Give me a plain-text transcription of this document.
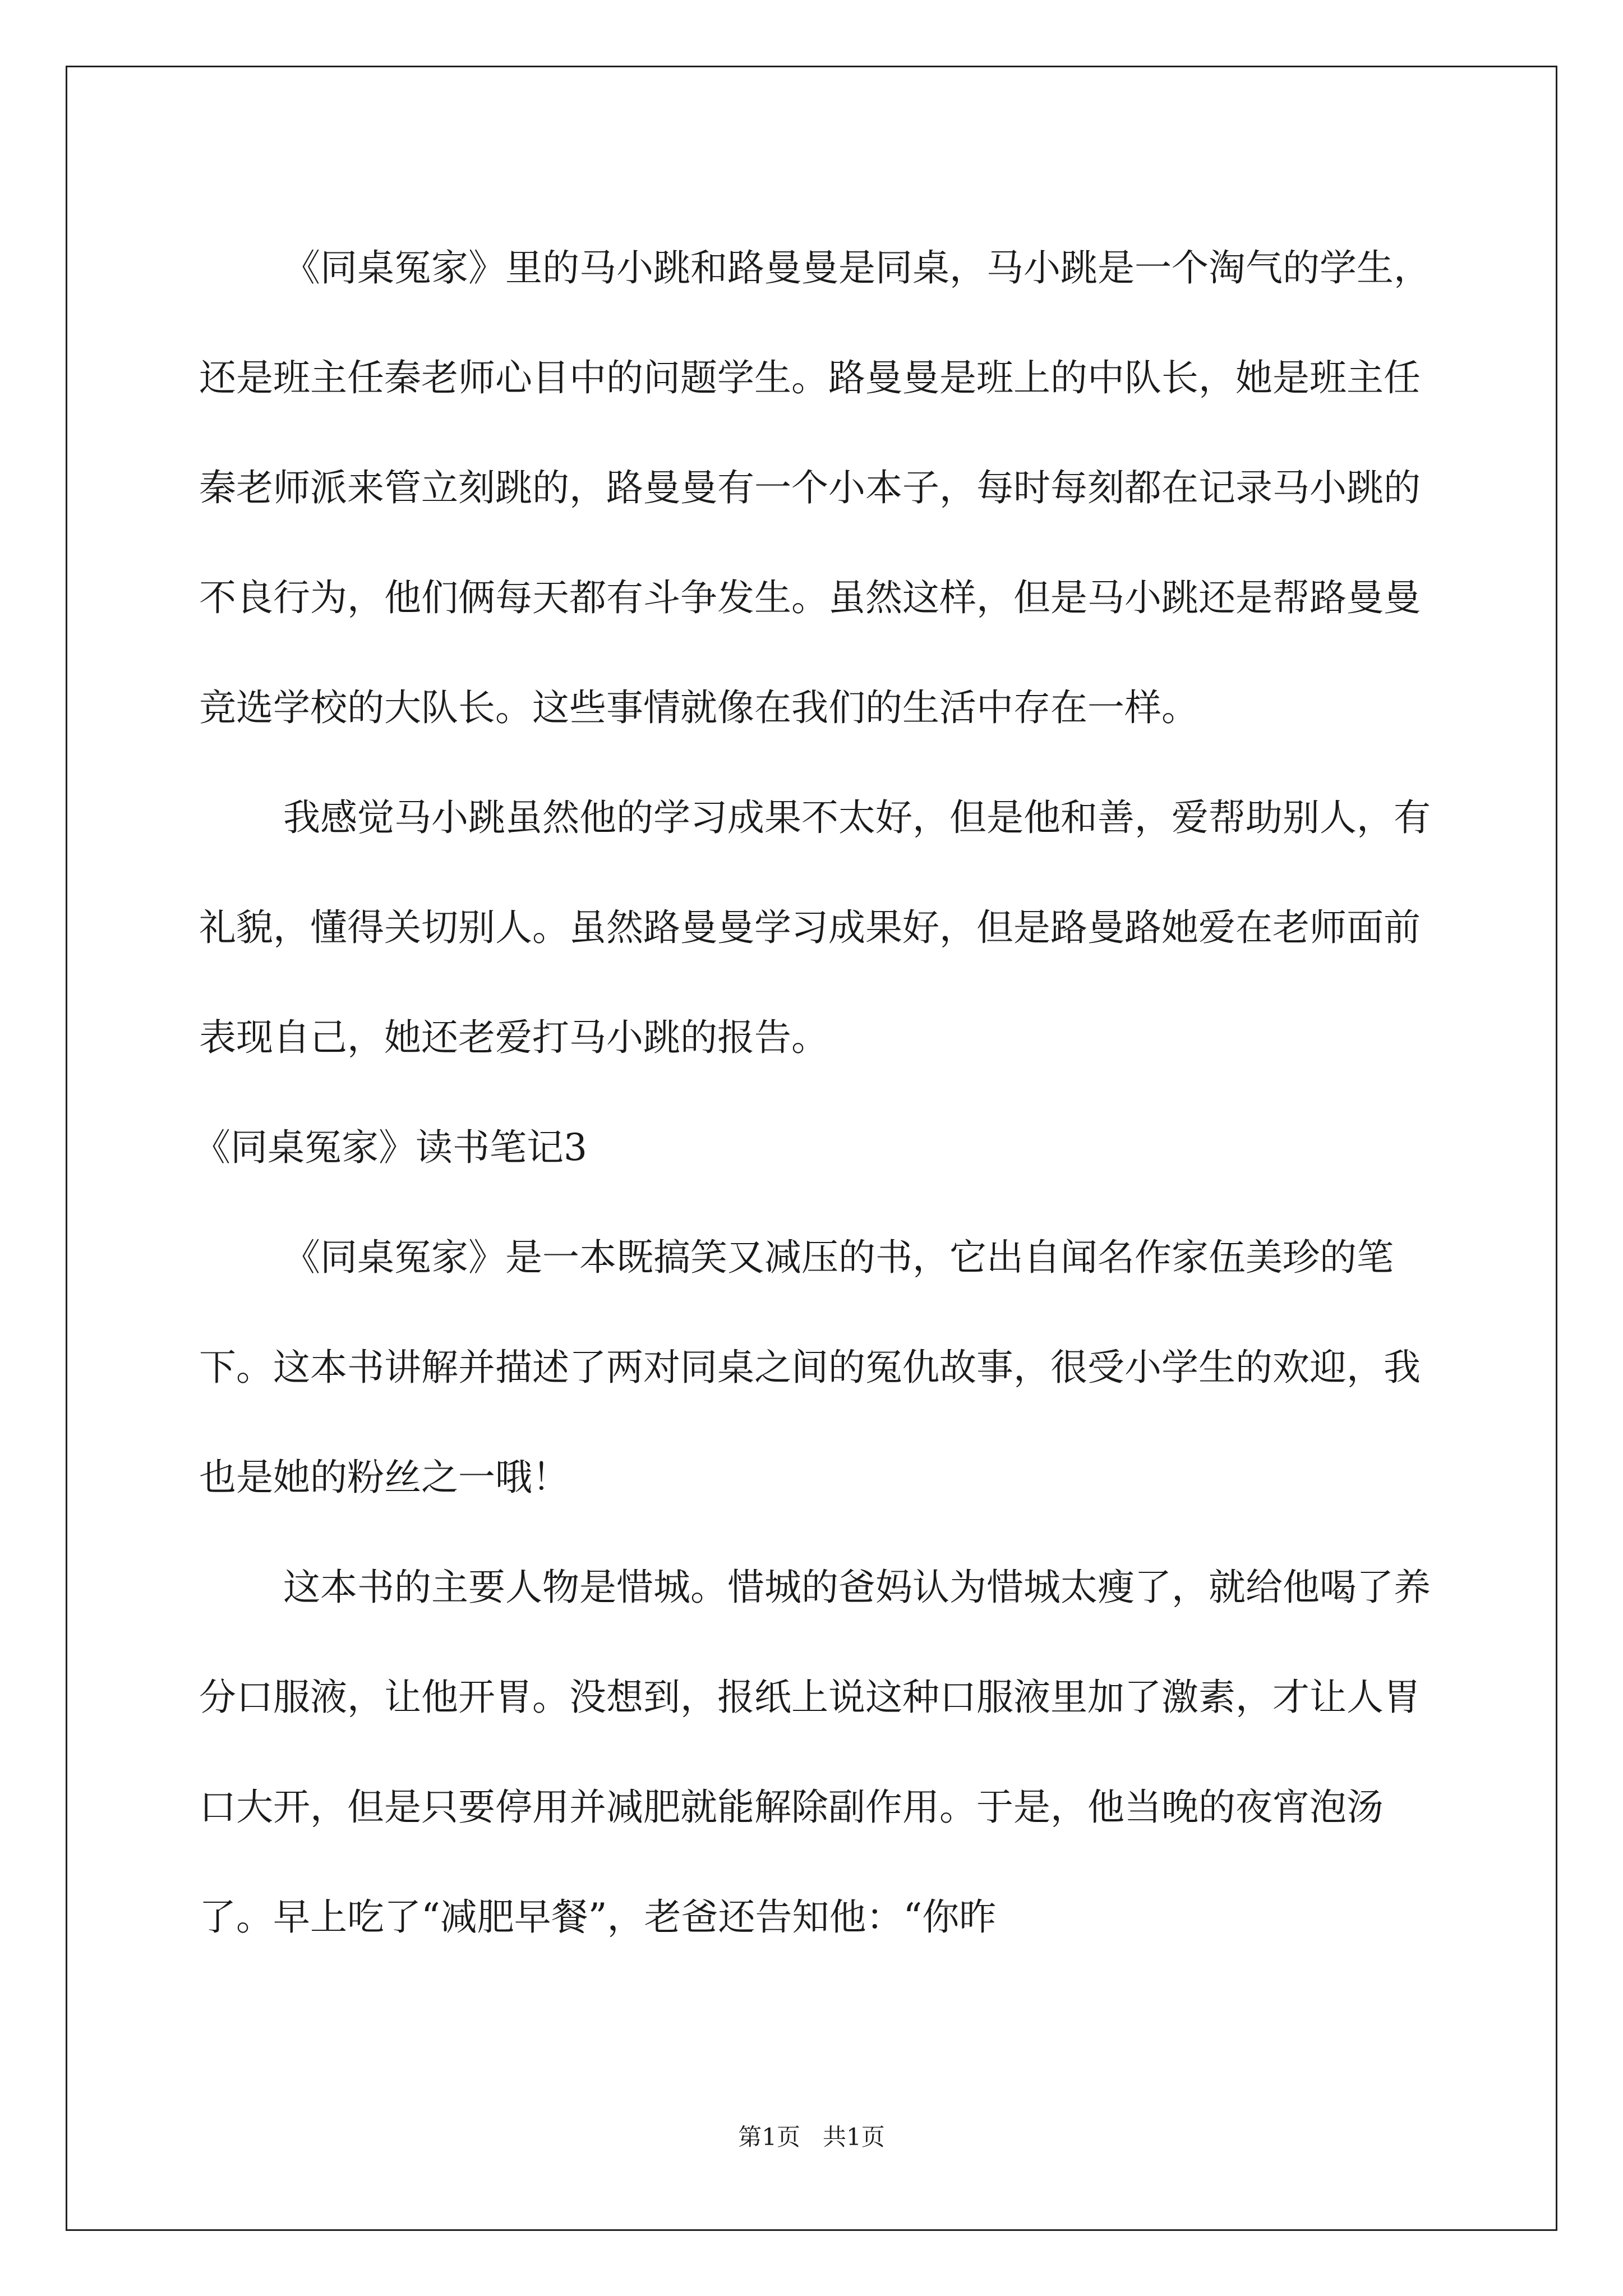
《同桌冤家》里的马小跳和路曼曼是同桌，马小跳是一个淘气的学生，还是班主任秦老师心目中的问题学生。路曼曼是班上的中队长，她是班主任秦老师派来管立刻跳的，路曼曼有一个小本子，每时每刻都在记录马小跳的不良行为，他们俩每天都有斗争发生。虽然这样，但是马小跳还是帮路曼曼竞选学校的大队长。这些事情就像在我们的生活中存在一样。

我感觉马小跳虽然他的学习成果不太好，但是他和善，爱帮助别人，有礼貌，懂得关切别人。虽然路曼曼学习成果好，但是路曼路她爱在老师面前表现自己，她还老爱打马小跳的报告。

《同桌冤家》读书笔记3

《同桌冤家》是一本既搞笑又减压的书，它出自闻名作家伍美珍的笔下。这本书讲解并描述了两对同桌之间的冤仇故事，很受小学生的欢迎，我也是她的粉丝之一哦！

这本书的主要人物是惜城。惜城的爸妈认为惜城太瘦了，就给他喝了养分口服液，让他开胃。没想到，报纸上说这种口服液里加了激素，才让人胃口大开，但是只要停用并减肥就能解除副作用。于是，他当晚的夜宵泡汤了。早上吃了“减肥早餐”，老爸还告知他：“你昨

第1页 共1页
